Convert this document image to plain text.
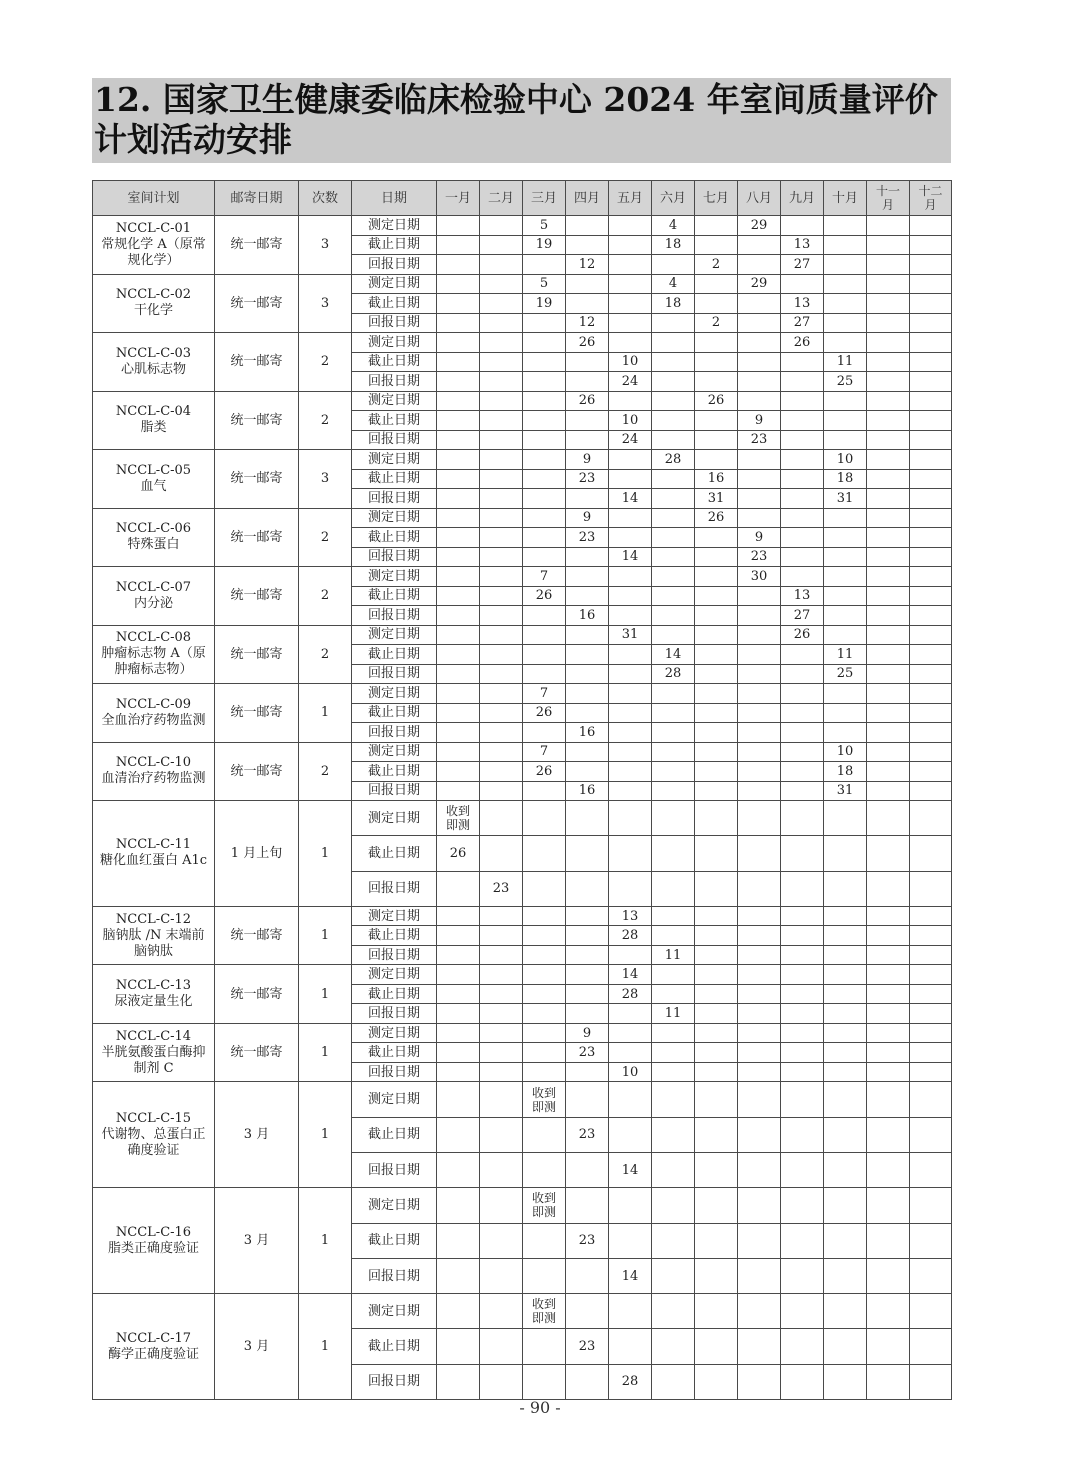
12. 国家卫生健康委临床检验中心 2024 年室间质量评价
计划活动安排
室间计划	邮寄日期	次数	日期	一月	二月	三月	四月	五月	六月	七月	八月	九月	十月	十一月	十二月

NCCL-C-01
常规化学 A（原常规化学）	统一邮寄	3	测定日期			5			4		29				
			截止日期			19			18			13			
			回报日期				12			2		27			

NCCL-C-02
干化学	统一邮寄	3	测定日期			5			4		29				
			截止日期			19			18			13			
			回报日期				12			2		27			

NCCL-C-03
心肌标志物	统一邮寄	2	测定日期				26					26			
			截止日期					10					11		
			回报日期					24					25		

NCCL-C-04
脂类	统一邮寄	2	测定日期				26			26					
			截止日期					10			9				
			回报日期					24			23				

NCCL-C-05
血气	统一邮寄	3	测定日期				9		28				10		
			截止日期				23			16			18		
			回报日期					14		31			31		

NCCL-C-06
特殊蛋白	统一邮寄	2	测定日期				9			26					
			截止日期				23				9				
			回报日期					14			23				

NCCL-C-07
内分泌	统一邮寄	2	测定日期			7					30				
			截止日期			26						13			
			回报日期				16					27			

NCCL-C-08
肿瘤标志物 A（原肿瘤标志物）	统一邮寄	2	测定日期					31				26			
			截止日期						14				11		
			回报日期						28				25		

NCCL-C-09
全血治疗药物监测	统一邮寄	1	测定日期			7									
			截止日期			26									
			回报日期				16								

NCCL-C-10
血清治疗药物监测	统一邮寄	2	测定日期			7							10		
			截止日期			26							18		
			回报日期				16						31		

NCCL-C-11
糖化血红蛋白 A1c	1 月上旬	1	测定日期	收到即测											

			截止日期	26											
			回报日期		23										

NCCL-C-12
脑钠肽 /N 末端前脑钠肽	统一邮寄	1	测定日期					13							
			截止日期					28							
			回报日期						11						

NCCL-C-13
尿液定量生化	统一邮寄	1	测定日期					14							
			截止日期					28							
			回报日期						11						

NCCL-C-14
半胱氨酸蛋白酶抑制剂 C	统一邮寄	1	测定日期				9								
			截止日期				23								
			回报日期					10							

NCCL-C-15
代谢物、总蛋白正确度验证	3 月	1	测定日期			收到即测									

			截止日期				23								
			回报日期					14							

NCCL-C-16
脂类正确度验证	3 月	1	测定日期			收到即测									

			截止日期				23								
			回报日期					14							

NCCL-C-17
酶学正确度验证	3 月	1	测定日期			收到即测									

			截止日期				23								
			回报日期					28							
- 90 -
